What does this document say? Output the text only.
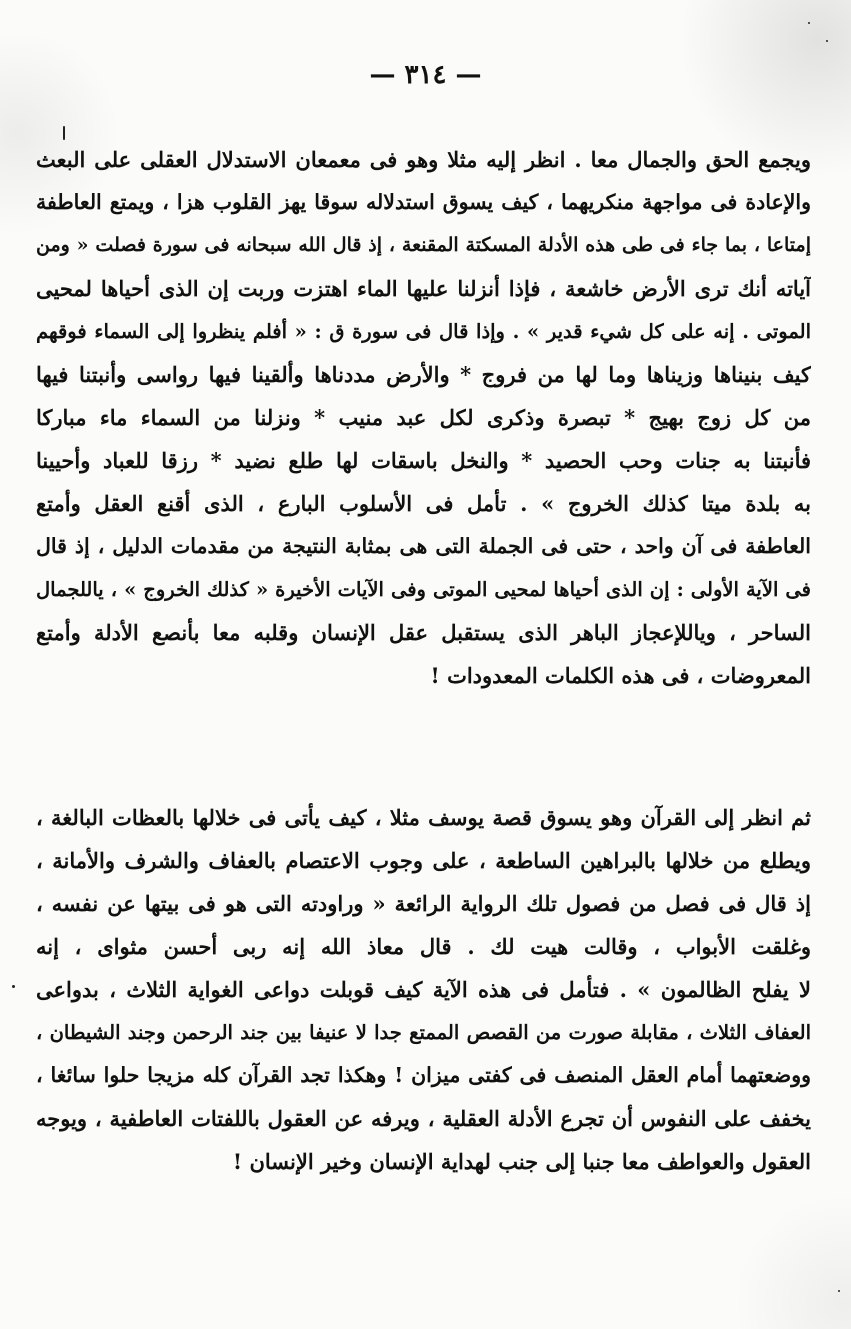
— ٣١٤ —
ويجمع الحق والجمال معا . انظر إليه مثلا وهو فى معمعان الاستدلال العقلى على البعث
والإعادة فى مواجهة منكريهما ، كيف يسوق استدلاله سوقا يهز القلوب هزا ، ويمتع العاطفة
إمتاعا ، بما جاء فى طى هذه الأدلة المسكتة المقنعة ، إذ قال الله سبحانه فى سورة فصلت « ومن
آياته أنك ترى الأرض خاشعة ، فإذا أنزلنا عليها الماء اهتزت وربت إن الذى أحياها لمحيى
الموتى . إنه على كل شيء قدير » . وإذا قال فى سورة ق : « أفلم ينظروا إلى السماء فوقهم
كيف بنيناها وزيناها وما لها من فروج * والأرض مددناها وألقينا فيها رواسى وأنبتنا فيها
من كل زوج بهيج * تبصرة وذكرى لكل عبد منيب * ونزلنا من السماء ماء مباركا
فأنبتنا به جنات وحب الحصيد * والنخل باسقات لها طلع نضيد * رزقا للعباد وأحيينا
به بلدة ميتا كذلك الخروج » . تأمل فى الأسلوب البارع ، الذى أقنع العقل وأمتع
العاطفة فى آن واحد ، حتى فى الجملة التى هى بمثابة النتيجة من مقدمات الدليل ، إذ قال
فى الآية الأولى : إن الذى أحياها لمحيى الموتى وفى الآيات الأخيرة « كذلك الخروج » ، ياللجمال
الساحر ، وياللإعجاز الباهر الذى يستقبل عقل الإنسان وقلبه معا بأنصع الأدلة وأمتع
المعروضات ، فى هذه الكلمات المعدودات !
ثم انظر إلى القرآن وهو يسوق قصة يوسف مثلا ، كيف يأتى فى خلالها بالعظات البالغة ،
ويطلع من خلالها بالبراهين الساطعة ، على وجوب الاعتصام بالعفاف والشرف والأمانة ،
إذ قال فى فصل من فصول تلك الرواية الرائعة « وراودته التى هو فى بيتها عن نفسه ،
وغلقت الأبواب ، وقالت هيت لك . قال معاذ الله إنه ربى أحسن مثواى ، إنه
لا يفلح الظالمون » . فتأمل فى هذه الآية كيف قوبلت دواعى الغواية الثلاث ، بدواعى
العفاف الثلاث ، مقابلة صورت من القصص الممتع جدا لا عنيفا بين جند الرحمن وجند الشيطان ،
ووضعتهما أمام العقل المنصف فى كفتى ميزان ! وهكذا تجد القرآن كله مزيجا حلوا سائغا ،
يخفف على النفوس أن تجرع الأدلة العقلية ، ويرفه عن العقول باللفتات العاطفية ، ويوجه
العقول والعواطف معا جنبا إلى جنب لهداية الإنسان وخير الإنسان !
